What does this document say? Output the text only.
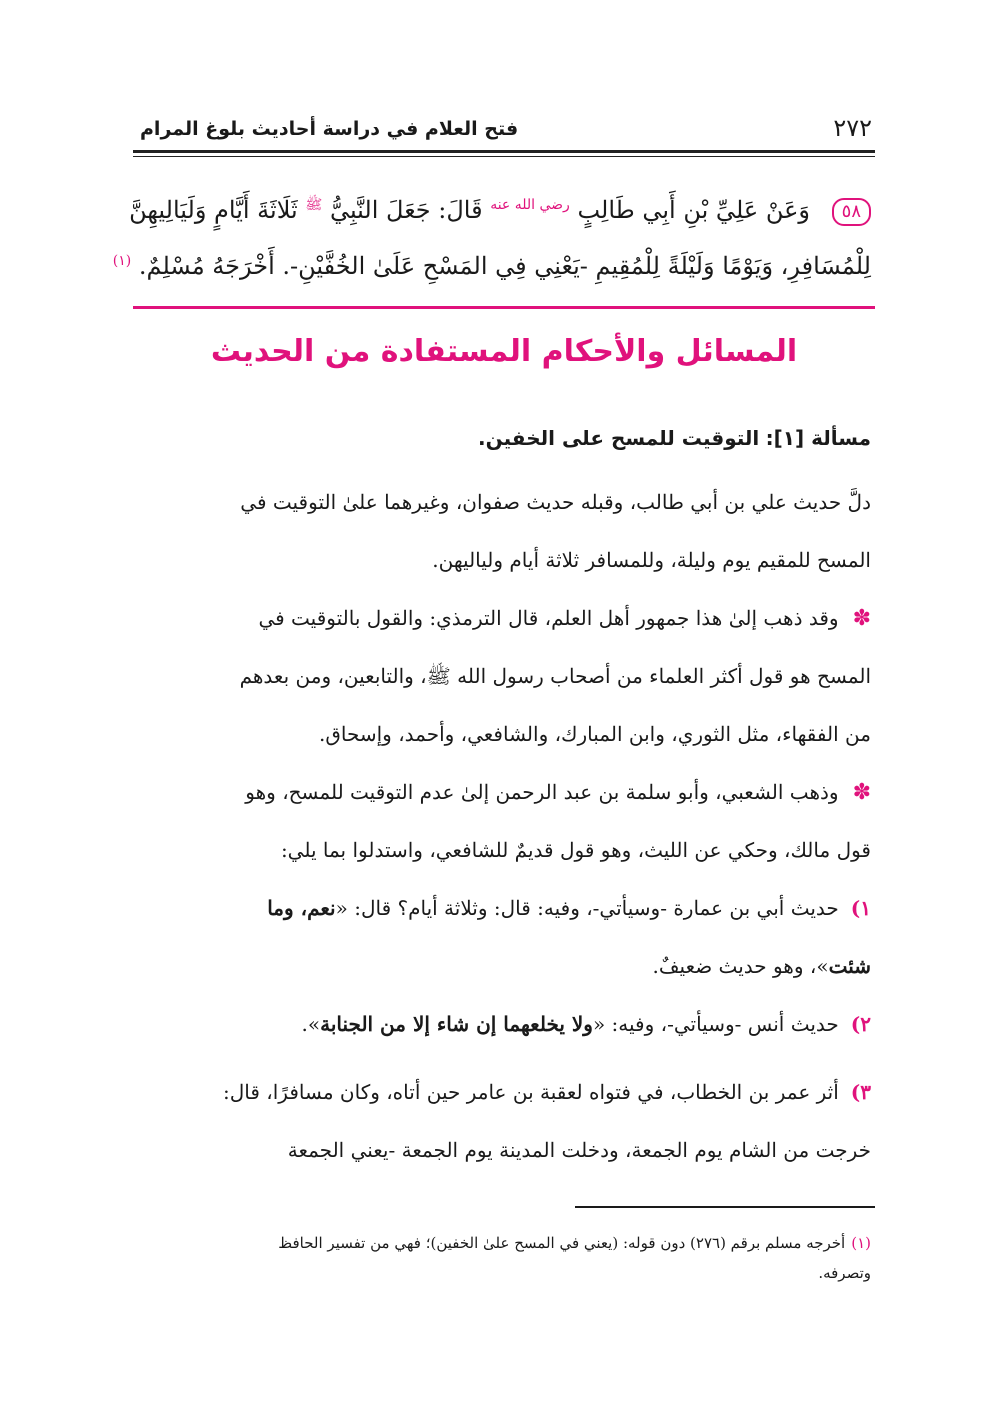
٢٧٢
فتح العلام في دراسة أحاديث بلوغ المرام
٥٨ وَعَنْ عَلِيِّ بْنِ أَبِي طَالِبٍ $^{رضي الله عنه}$ قَالَ: جَعَلَ النَّبِيُّ $^ﷺ$ ثَلَاثَةَ أَيَّامٍ وَلَيَالِيهِنَّ
لِلْمُسَافِرِ، وَيَوْمًا وَلَيْلَةً لِلْمُقِيمِ -يَعْنِي فِي المَسْحِ عَلَىٰ الخُفَّيْنِ-. أَخْرَجَهُ مُسْلِمٌ. $^{(١)}$
المسائل والأحكام المستفادة من الحديث
مسألة [١]: التوقيت للمسح على الخفين.
دلَّ حديث علي بن أبي طالب، وقبله حديث صفوان، وغيرهما علىٰ التوقيت في
المسح للمقيم يوم وليلة، وللمسافر ثلاثة أيام ولياليهن.
✽وقد ذهب إلىٰ هذا جمهور أهل العلم، قال الترمذي: والقول بالتوقيت في
المسح هو قول أكثر العلماء من أصحاب رسول الله ﷺ، والتابعين، ومن بعدهم
من الفقهاء، مثل الثوري، وابن المبارك، والشافعي، وأحمد، وإسحاق.
✽وذهب الشعبي، وأبو سلمة بن عبد الرحمن إلىٰ عدم التوقيت للمسح، وهو
قول مالك، وحكي عن الليث، وهو قول قديمٌ للشافعي، واستدلوا بما يلي:
١)حديث أبي بن عمارة -وسيأتي-، وفيه: قال: وثلاثة أيام؟ قال: «نعم، وما
شئت»، وهو حديث ضعيفٌ.
٢)حديث أنس -وسيأتي-، وفيه: «ولا يخلعهما إن شاء إلا من الجنابة».
٣)أثر عمر بن الخطاب، في فتواه لعقبة بن عامر حين أتاه، وكان مسافرًا، قال:
خرجت من الشام يوم الجمعة، ودخلت المدينة يوم الجمعة -يعني الجمعة
(١)أخرجه مسلم برقم (٢٧٦) دون قوله: (يعني في المسح علىٰ الخفين)؛ فهي من تفسير الحافظ
وتصرفه.
